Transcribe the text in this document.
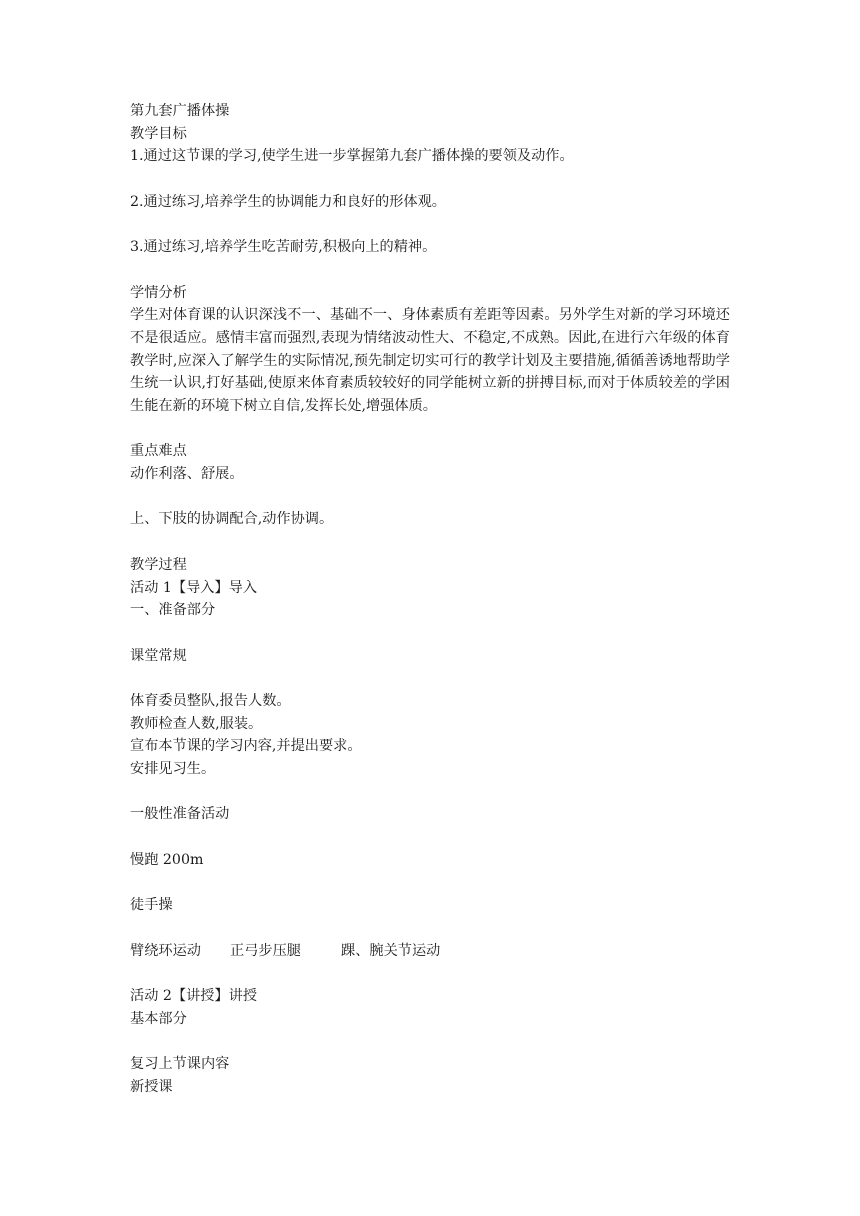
第九套广播体操
教学目标
1.通过这节课的学习,使学生进一步掌握第九套广播体操的要领及动作。
2.通过练习,培养学生的协调能力和良好的形体观。
3.通过练习,培养学生吃苦耐劳,积极向上的精神。
学情分析
学生对体育课的认识深浅不一、基础不一、身体素质有差距等因素。另外学生对新的学习环境还不是很适应。感情丰富而强烈,表现为情绪波动性大、不稳定,不成熟。因此,在进行六年级的体育教学时,应深入了解学生的实际情况,预先制定切实可行的教学计划及主要措施,循循善诱地帮助学生统一认识,打好基础,使原来体育素质较较好的同学能树立新的拼搏目标,而对于体质较差的学困生能在新的环境下树立自信,发挥长处,增强体质。
重点难点
动作利落、舒展。
上、下肢的协调配合,动作协调。
教学过程
活动 1【导入】导入
一、准备部分
课堂常规
体育委员整队,报告人数。
教师检查人数,服装。
宣布本节课的学习内容,并提出要求。
安排见习生。
一般性准备活动
慢跑 200m
徒手操
臂绕环运动 正弓步压腿	踝、腕关节运动
活动 2【讲授】讲授
基本部分
复习上节课内容
新授课
